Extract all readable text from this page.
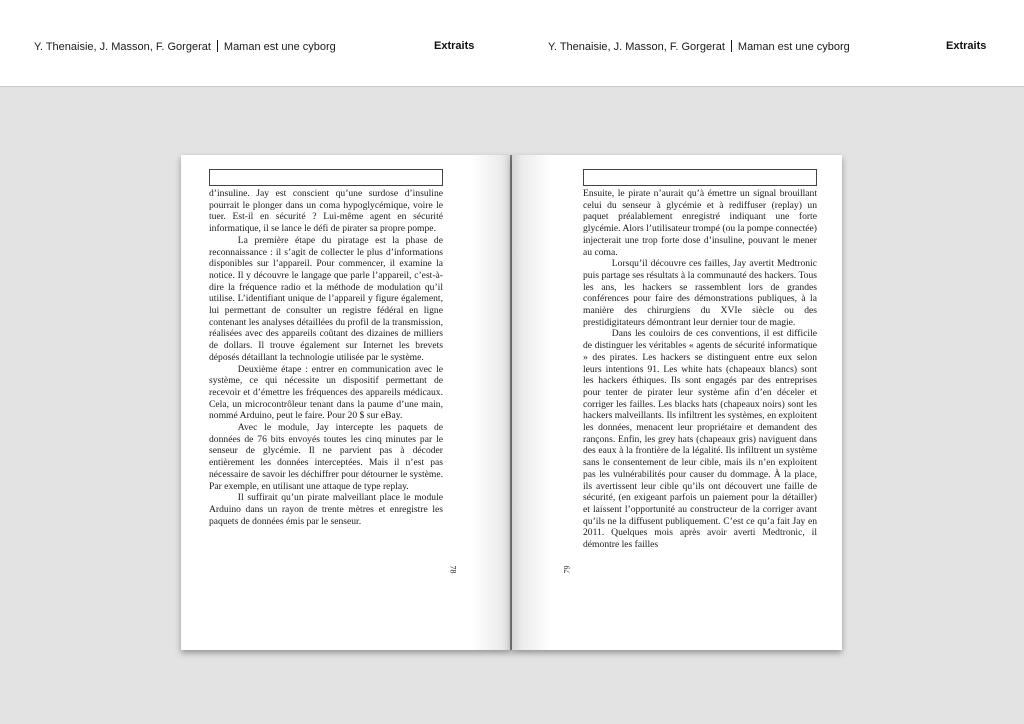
Y. Thenaisie, J. Masson, F. Gorgerat Maman est une cyborg	Extraits	Y. Thenaisie, J. Masson, F. Gorgerat Maman est une cyborg	Extraits

d’insuline. Jay est conscient qu’une surdose d’insuline pourrait le plonger dans un coma hypoglycémique, voire le tuer. Est-il en sécurité ? Lui-même agent en sécurité informatique, il se lance le défi de pirater sa propre pompe.

La première étape du piratage est la phase de reconnaissance : il s’agit de collecter le plus d’informations disponibles sur l’appareil. Pour commencer, il examine la notice. Il y découvre le langage que parle l’appareil, c’est-à-dire la fréquence radio et la méthode de modulation qu’il utilise. L’identifiant unique de l’appareil y figure également, lui permettant de consulter un registre fédéral en ligne contenant les analyses détaillées du profil de la transmission, réalisées avec des appareils coûtant des dizaines de milliers de dollars. Il trouve également sur Internet les brevets déposés détaillant la technologie utilisée par le système.

Deuxième étape : entrer en communication avec le système, ce qui nécessite un dispositif permettant de recevoir et d’émettre les fréquences des appareils médicaux. Cela, un microcontrôleur tenant dans la paume d’une main, nommé Arduino, peut le faire. Pour 20 $ sur eBay.

Avec le module, Jay intercepte les paquets de données de 76 bits envoyés toutes les cinq minutes par le senseur de glycémie. Il ne parvient pas à décoder entièrement les données interceptées. Mais il n’est pas nécessaire de savoir les déchiffrer pour détourner le système. Par exemple, en utilisant une attaque de type replay.

Il suffirait qu’un pirate malveillant place le module Arduino dans un rayon de trente mètres et enregistre les paquets de données émis par le senseur.

78

Ensuite, le pirate n’aurait qu’à émettre un signal brouillant celui du senseur à glycémie et à rediffuser (replay) un paquet préalablement enregistré indiquant une forte glycémie. Alors l’utilisateur trompé (ou la pompe connectée) injecterait une trop forte dose d’insuline, pouvant le mener au coma.

Lorsqu’il découvre ces failles, Jay avertit Medtronic puis partage ses résultats à la communauté des hackers. Tous les ans, les hackers se rassemblent lors de grandes conférences pour faire des démonstrations publiques, à la manière des chirurgiens du XVIe siècle ou des prestidigitateurs démontrant leur dernier tour de magie.

Dans les couloirs de ces conventions, il est difficile de distinguer les véritables « agents de sécurité informatique » des pirates. Les hackers se distinguent entre eux selon leurs intentions 91. Les white hats (chapeaux blancs) sont les hackers éthiques. Ils sont engagés par des entreprises pour tenter de pirater leur système afin d’en déceler et corriger les failles. Les blacks hats (chapeaux noirs) sont les hackers malveillants. Ils infiltrent les systèmes, en exploitent les données, menacent leur propriétaire et demandent des rançons. Enfin, les grey hats (chapeaux gris) naviguent dans des eaux à la frontière de la légalité. Ils infiltrent un système sans le consentement de leur cible, mais ils n’en exploitent pas les vulnérabilités pour causer du dommage. À la place, ils avertissent leur cible qu’ils ont découvert une faille de sécurité, (en exigeant parfois un paiement pour la détailler) et laissent l’opportunité au constructeur de la corriger avant qu’ils ne la diffusent publiquement. C’est ce qu’a fait Jay en 2011. Quelques mois après avoir averti Medtronic, il démontre les failles

79
